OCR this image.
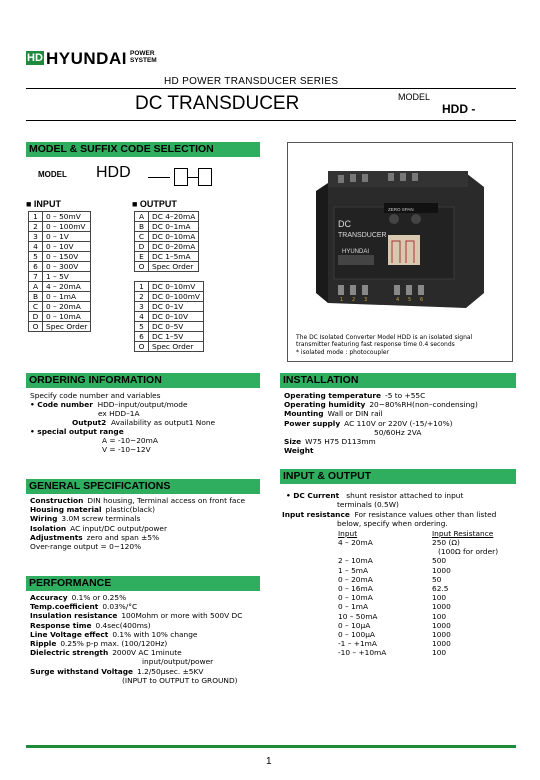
HD HYUNDAI POWER SYSTEM
HD POWER TRANSDUCER SERIES
DC TRANSDUCER	MODEL
HDD -
MODEL & SUFFIX CODE SELECTION
MODEL HDD
■ INPUT	■ OUTPUT
1	0 – 50mV
2	0 – 100mV
3	0 – 1V
4	0 – 10V
5	0 – 150V
6	0 – 300V
7	1 – 5V
A	4 – 20mA
B	0 – 1mA
C	0 – 20mA
D	0 – 10mA
O	Spec Order
A	DC 4–20mA
B	DC 0–1mA
C	DC 0–10mA
D	DC 0–20mA
E	DC 1–5mA
O	Spec Order
1	DC 0–10mV
2	DC 0–100mV
3	DC 0–1V
4	DC 0–10V
5	DC 0–5V
6	DC 1–5V
O	Spec Order
1 2 3	4 5 6
DC
TRANSDUCER
HYUNDAI
ZERO SPAN
The DC Isolated Converter Model HDD is an isolated signal
transmitter featuring fast response time 0.4 seconds
* isolated mode : photocoupler
ORDERING INFORMATION
Specify code number and variables
• Code number HDD–input/output/mode
ex HDD–1A
Output2 Availability as output1 None
• special output range
A = -10~20mA
V = -10~12V
INSTALLATION
Operating temperature -5 to +55C
Operating humidity 20~80%RH(non–condensing)
Mounting Wall or DIN rail
Power supply AC 110V or 220V (-15/+10%)
50/60Hz 2VA
Size W75 H75 D113mm
Weight
GENERAL SPECIFICATIONS
Construction DIN housing, Terminal access on front face
Housing material plastic(black)
Wiring 3.0M screw terminals
Isolation AC input/DC output/power
Adjustments zero and span ±5%
Over-range output = 0~120%
INPUT & OUTPUT
• DC Current shunt resistor attached to input
terminals (0.5W)
Input resistance For resistance values other than listed
below, specify when ordering.
Input	Input Resistance
4 – 20mA	250 (Ω)
(100Ω for order)
2 – 10mA	500
1 – 5mA	1000
0 – 20mA	50
0 – 16mA	62.5
0 – 10mA	100
0 – 1mA	1000
10 – 50mA	100
0 – 10μA	1000
0 – 100μA	1000
-1 – +1mA	1000
-10 – +10mA	100
PERFORMANCE
Accuracy 0.1% or 0.25%
Temp.coefficient 0.03%/°C
Insulation resistance 100Mohm or more with 500V DC
Response time 0.4sec(400ms)
Line Voltage effect 0.1% with 10% change
Ripple 0.25% p-p max. (100/120Hz)
Dielectric strength 2000V AC 1minute
input/output/power
Surge withstand Voltage 1.2/50μsec. ±5KV
(INPUT to OUTPUT to GROUND)
1
